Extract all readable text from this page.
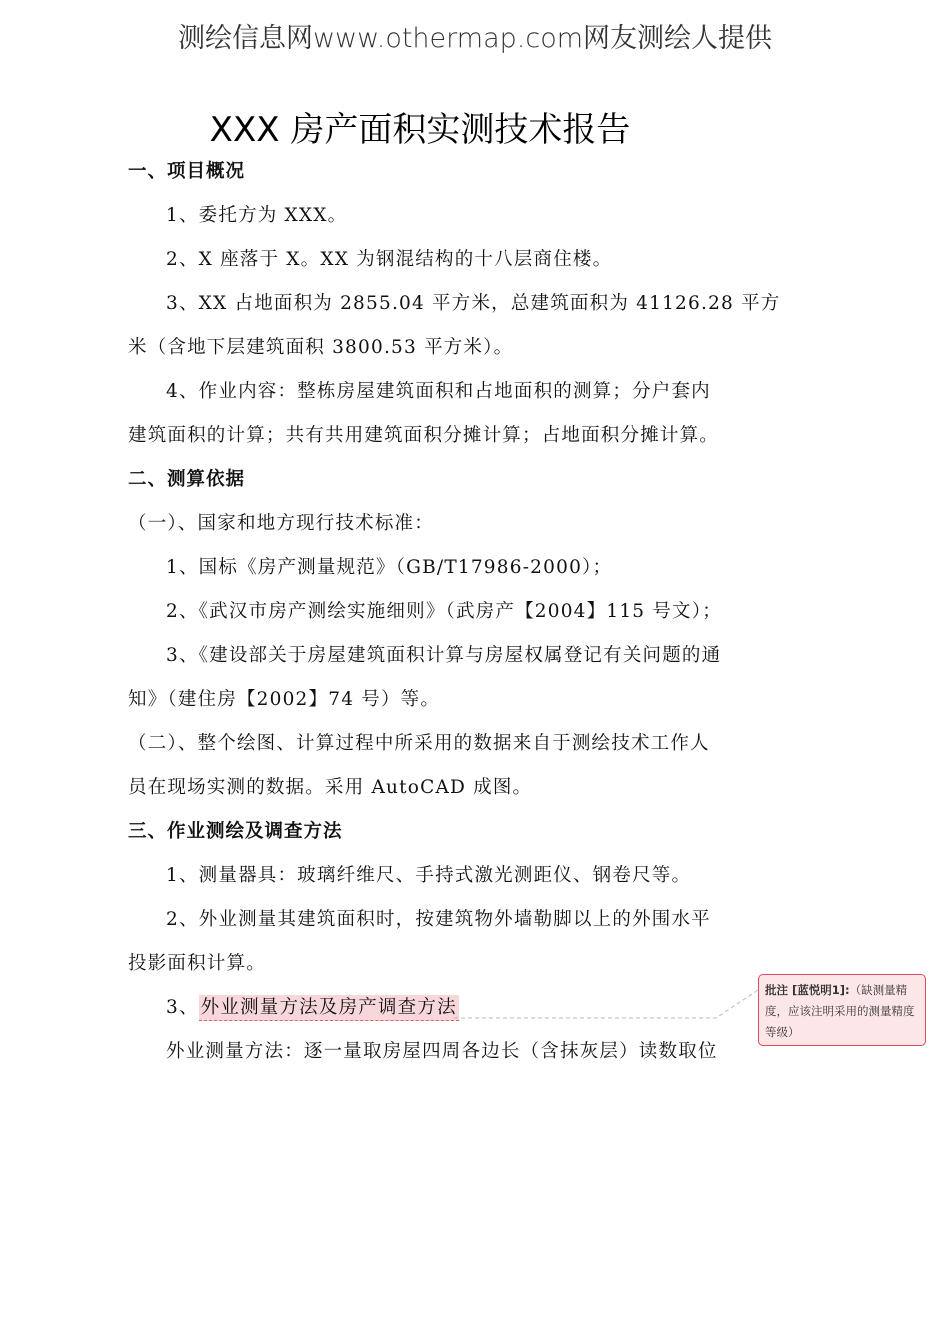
测绘信息网www.othermap.com网友测绘人提供
XXX 房产面积实测技术报告
一、项目概况
1、委托方为 XXX。
2、X 座落于 X。XX 为钢混结构的十八层商住楼。
3、XX 占地面积为 2855.04 平方米，总建筑面积为 41126.28 平方
米（含地下层建筑面积 3800.53 平方米）。
4、作业内容：整栋房屋建筑面积和占地面积的测算；分户套内
建筑面积的计算；共有共用建筑面积分摊计算；占地面积分摊计算。
二、测算依据
（一）、国家和地方现行技术标准：
1、国标《房产测量规范》（GB/T17986-2000）；
2、《武汉市房产测绘实施细则》（武房产【2004】115 号文）；
3、《建设部关于房屋建筑面积计算与房屋权属登记有关问题的通
知》（建住房【2002】74 号）等。
（二）、整个绘图、计算过程中所采用的数据来自于测绘技术工作人
员在现场实测的数据。采用 AutoCAD 成图。
三、作业测绘及调查方法
1、测量器具：玻璃纤维尺、手持式激光测距仪、钢卷尺等。
2、外业测量其建筑面积时，按建筑物外墙勒脚以上的外围水平
投影面积计算。
3、 外业测量方法及房产调查方法
外业测量方法：逐一量取房屋四周各边长（含抹灰层）读数取位
批注 [蓝悦明1]:（缺测量精度，应该注明采用的测量精度等级）
